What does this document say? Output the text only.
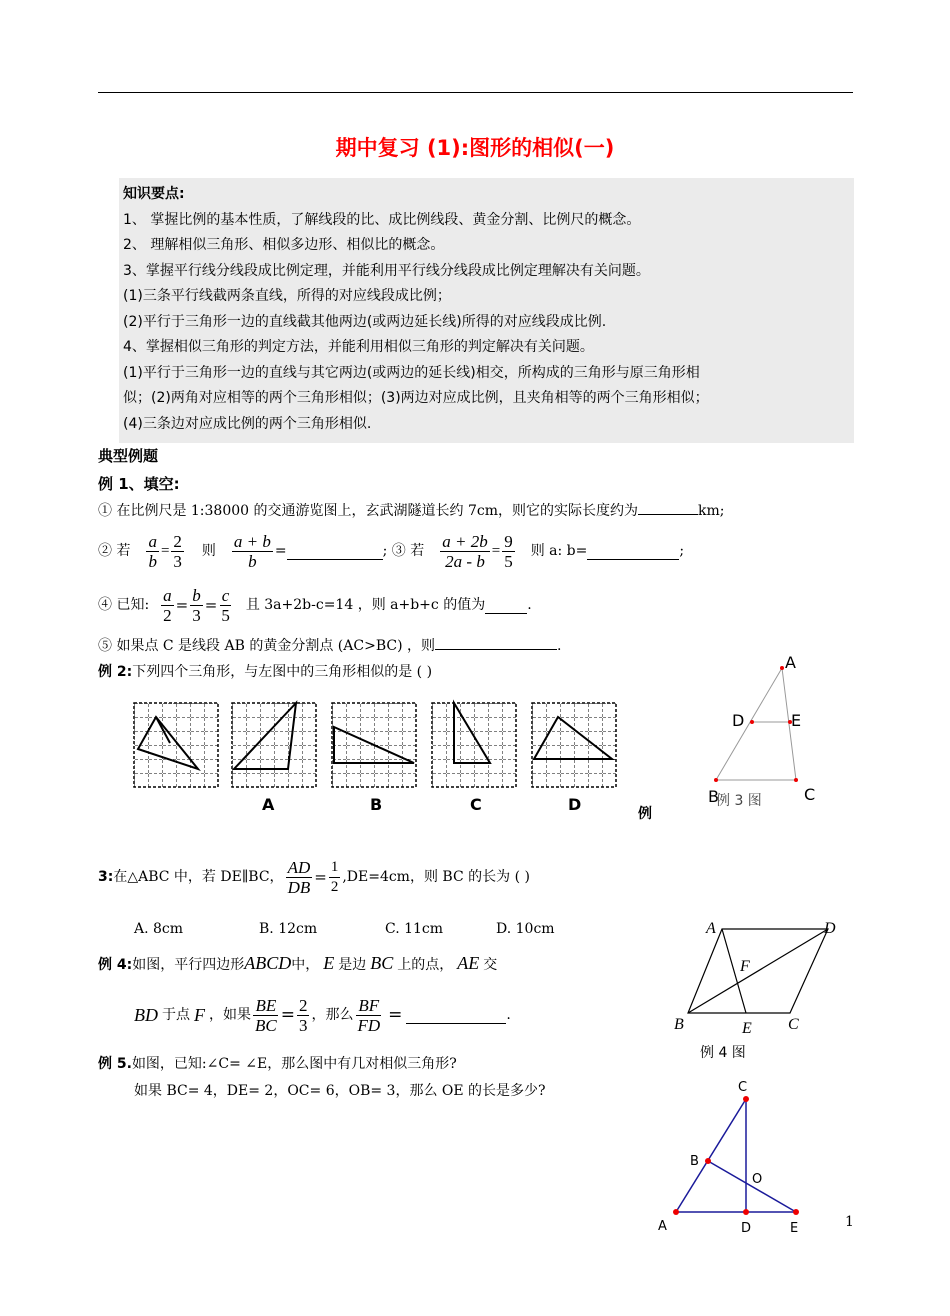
期中复习 (1):图形的相似(一)
知识要点:
1、 掌握比例的基本性质，了解线段的比、成比例线段、黄金分割、比例尺的概念。
2、 理解相似三角形、相似多边形、相似比的概念。
3、掌握平行线分线段成比例定理，并能利用平行线分线段成比例定理解决有关问题。
(1)三条平行线截两条直线，所得的对应线段成比例；
(2)平行于三角形一边的直线截其他两边(或两边延长线)所得的对应线段成比例.
4、掌握相似三角形的判定方法，并能利用相似三角形的判定解决有关问题。
(1)平行于三角形一边的直线与其它两边(或两边的延长线)相交，所构成的三角形与原三角形相
似；(2)两角对应相等的两个三角形相似；(3)两边对应成比例，且夹角相等的两个三角形相似；
(4)三条边对应成比例的两个三角形相似.
典型例题
例 1、填空:
① 在比例尺是 1:38000 的交通游览图上，玄武湖隧道长约 7cm，则它的实际长度约为	km;
② 若 $\frac{a}{b} = \frac{2}{3}$ 则 $\frac{a + b}{b}$ =	; ③ 若 $\frac{a + 2b}{2a - b} = \frac{9}{5}$ 则 a: b=	;
④ 已知: $\frac{a}{2} = \frac{b}{3} = \frac{c}{5}$ 且 3a+2b-c=14 ，则 a+b+c 的值为	.
⑤ 如果点 C 是线段 AB 的黄金分割点 (AC>BC) ，则	.
例 2:下列四个三角形，与左图中的三角形相似的是 ( )
A	B	C	D
A
D	E
B	C
例 3 图
例
3: 在△ABC 中，若 DE∥BC， $\frac{AD}{DB} = \frac{1}{2} ,DE=4cm$，则 BC 的长为 ( )
A. 8cm	B. 12cm	C. 11cm	D. 10cm
例 4: 如图，平行四边形 ABCD 中， E 是边 BC 上的点， AE 交
BD 于点 F ，如果 $\frac{BE}{BC} = \frac{2}{3}$ ，那么 $\frac{BF}{FD}$ =	.
A	D
F
B	E C
例 4 图
例 5.如图，已知:∠C= ∠E，那么图中有几对相似三角形?
如果 BC= 4，DE= 2，OC= 6，OB= 3，那么 OE 的长是多少?	C
B
O
A	D	E	1
